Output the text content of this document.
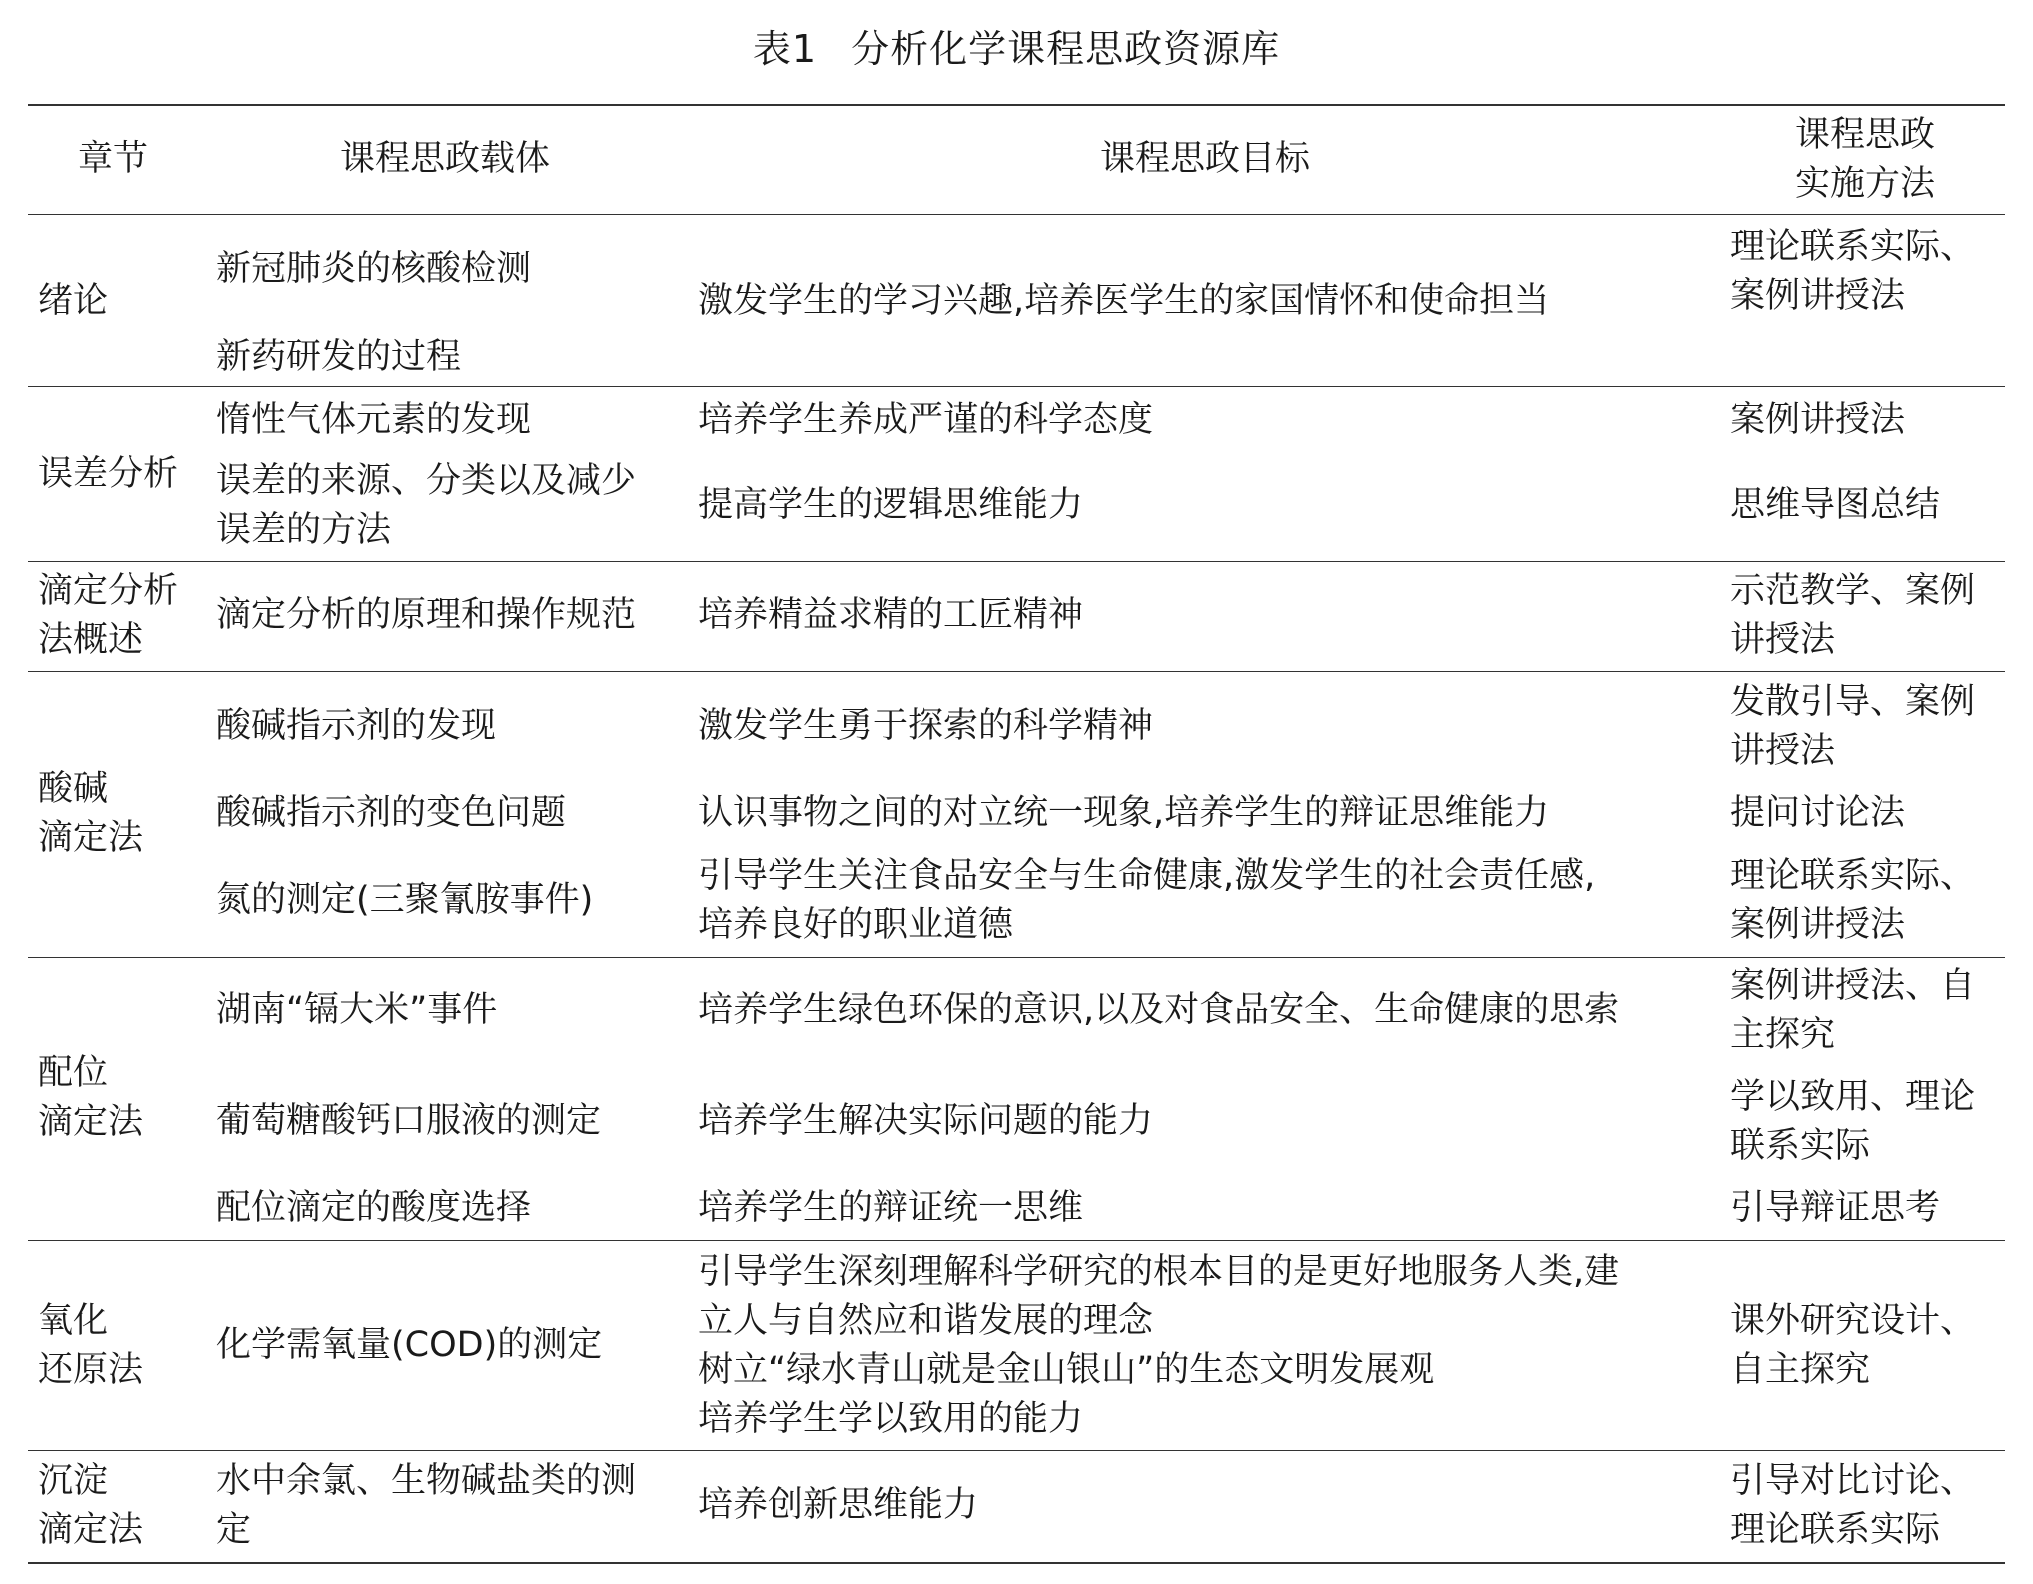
表1 分析化学课程思政资源库
章节	课程思政载体	课程思政目标
课程思政
实施方法
绪论
新冠肺炎的核酸检测
新药研发的过程
激发学生的学习兴趣,培养医学生的家国情怀和使命担当
理论联系实际、
案例讲授法
误差分析
惰性气体元素的发现
误差的来源、分类以及减少
误差的方法
培养学生养成严谨的科学态度
提高学生的逻辑思维能力
案例讲授法
思维导图总结
滴定分析
法概述
滴定分析的原理和操作规范 培养精益求精的工匠精神
示范教学、案例
讲授法
酸碱
滴定法
酸碱指示剂的发现
酸碱指示剂的变色问题
氮的测定(三聚氰胺事件)
激发学生勇于探索的科学精神
认识事物之间的对立统一现象,培养学生的辩证思维能力
引导学生关注食品安全与生命健康,激发学生的社会责任感,
培养良好的职业道德
发散引导、案例
讲授法
提问讨论法
理论联系实际、
案例讲授法
配位
滴定法
湖南“镉大米”事件
葡萄糖酸钙口服液的测定
配位滴定的酸度选择
培养学生绿色环保的意识,以及对食品安全、生命健康的思索
培养学生解决实际问题的能力
培养学生的辩证统一思维
案例讲授法、自
主探究
学以致用、理论
联系实际
引导辩证思考
氧化
还原法
化学需氧量(COD)的测定
引导学生深刻理解科学研究的根本目的是更好地服务人类,建
立人与自然应和谐发展的理念
树立“绿水青山就是金山银山”的生态文明发展观
培养学生学以致用的能力
课外研究设计、
自主探究
沉淀
滴定法
水中余氯、生物碱盐类的测
定
培养创新思维能力
引导对比讨论、
理论联系实际
